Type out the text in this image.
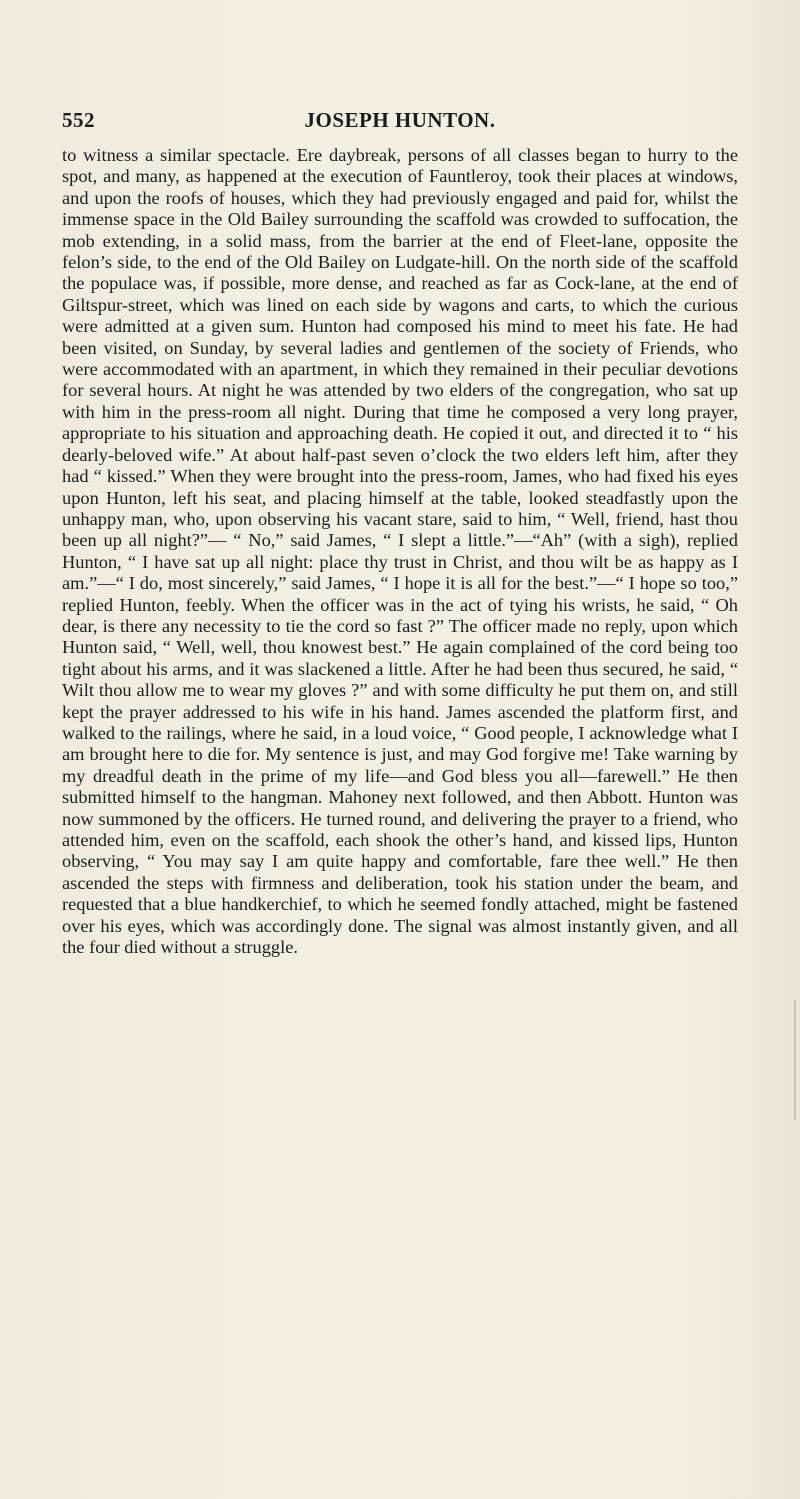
552	JOSEPH HUNTON.

to witness a similar spectacle. Ere daybreak, persons of all classes began to hurry to the spot, and many, as happened at the execution of Fauntleroy, took their places at windows, and upon the roofs of houses, which they had previously engaged and paid for, whilst the immense space in the Old Bailey surrounding the scaffold was crowded to suffocation, the mob extending, in a solid mass, from the barrier at the end of Fleet-lane, opposite the felon’s side, to the end of the Old Bailey on Ludgate-hill. On the north side of the scaffold the populace was, if possible, more dense, and reached as far as Cock-lane, at the end of Giltspur-street, which was lined on each side by wagons and carts, to which the curious were admitted at a given sum. Hunton had composed his mind to meet his fate. He had been visited, on Sunday, by several ladies and gentlemen of the society of Friends, who were accommodated with an apartment, in which they remained in their peculiar devotions for several hours. At night he was attended by two elders of the congregation, who sat up with him in the press-room all night. During that time he composed a very long prayer, appropriate to his situation and approaching death. He copied it out, and directed it to “ his dearly-beloved wife.” At about half-past seven o’clock the two elders left him, after they had “ kissed.” When they were brought into the press-room, James, who had fixed his eyes upon Hunton, left his seat, and placing himself at the table, looked steadfastly upon the unhappy man, who, upon observing his vacant stare, said to him, “ Well, friend, hast thou been up all night?”— “ No,” said James, “ I slept a little.”—“Ah” (with a sigh), replied Hunton, “ I have sat up all night: place thy trust in Christ, and thou wilt be as happy as I am.”—“ I do, most sincerely,” said James, “ I hope it is all for the best.”—“ I hope so too,” replied Hunton, feebly. When the officer was in the act of tying his wrists, he said, “ Oh dear, is there any necessity to tie the cord so fast ?” The officer made no reply, upon which Hunton said, “ Well, well, thou knowest best.” He again complained of the cord being too tight about his arms, and it was slackened a little. After he had been thus secured, he said, “ Wilt thou allow me to wear my gloves ?” and with some difficulty he put them on, and still kept the prayer addressed to his wife in his hand. James ascended the platform first, and walked to the railings, where he said, in a loud voice, “ Good people, I acknowledge what I am brought here to die for. My sentence is just, and may God forgive me! Take warning by my dreadful death in the prime of my life—and God bless you all—farewell.” He then submitted himself to the hangman. Mahoney next followed, and then Abbott. Hunton was now summoned by the officers. He turned round, and delivering the prayer to a friend, who attended him, even on the scaffold, each shook the other’s hand, and kissed lips, Hunton observing, “ You may say I am quite happy and comfortable, fare thee well.” He then ascended the steps with firmness and deliberation, took his station under the beam, and requested that a blue handkerchief, to which he seemed fondly attached, might be fastened over his eyes, which was accordingly done. The signal was almost instantly given, and all the four died without a struggle.
